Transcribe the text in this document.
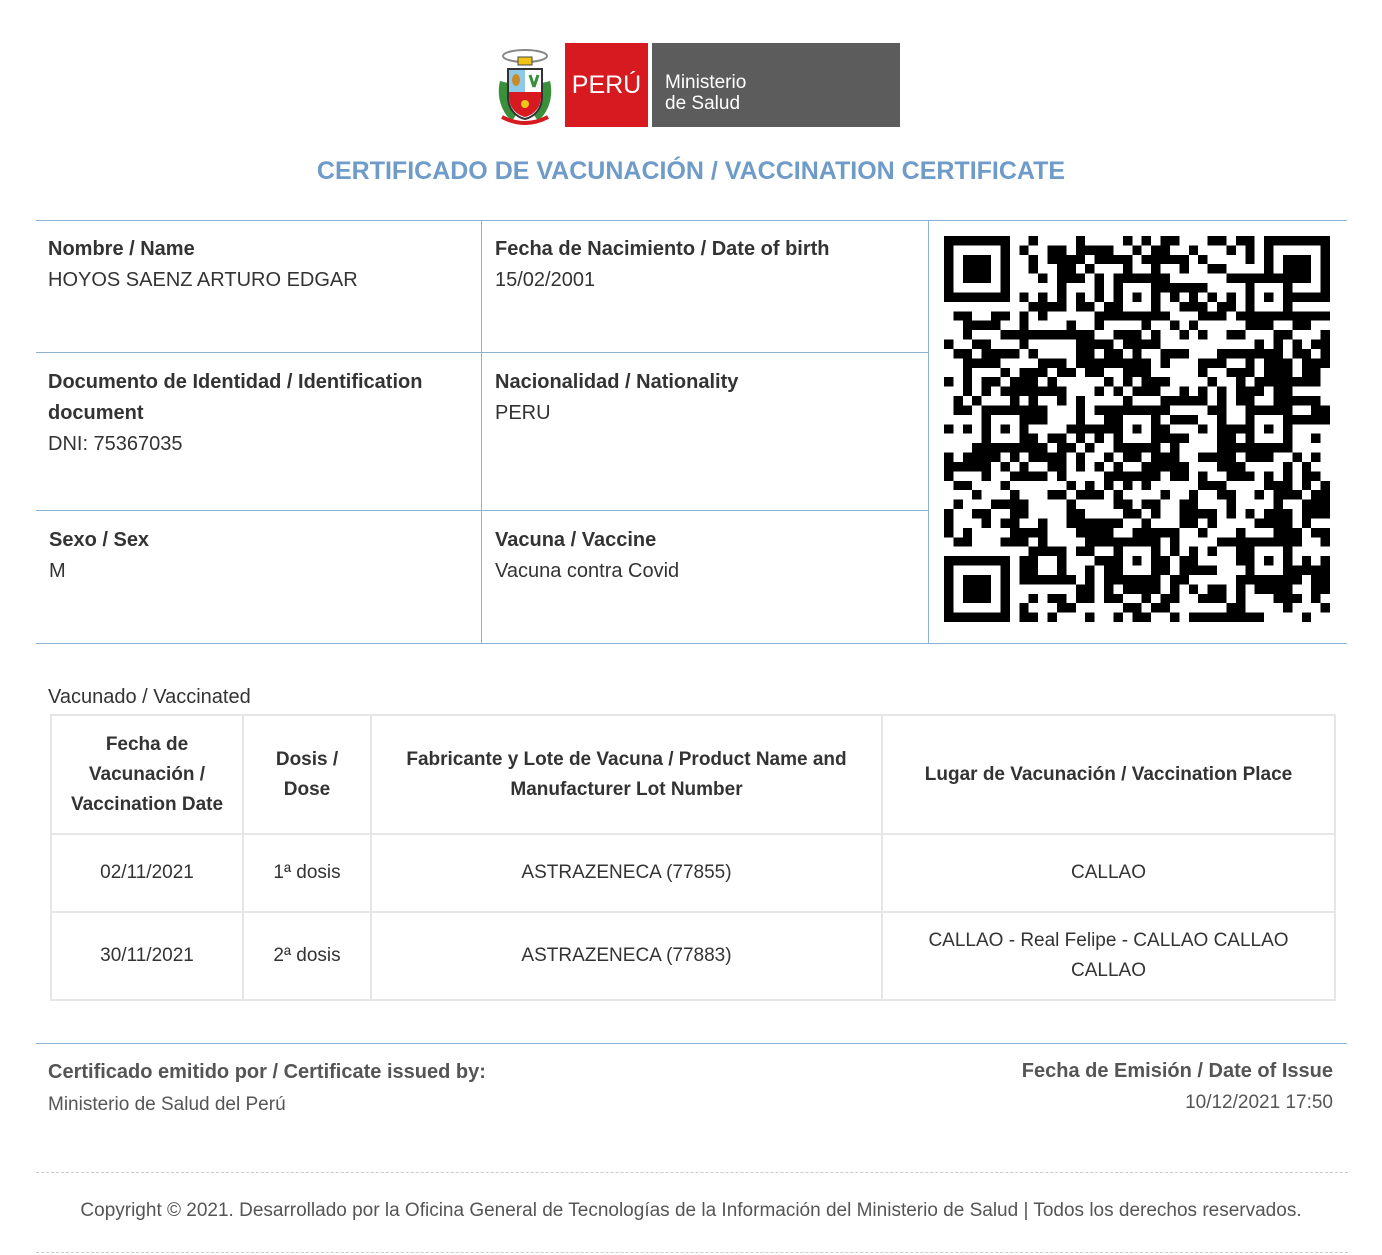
PERÚ	Ministerio
de Salud
CERTIFICADO DE VACUNACIÓN / VACCINATION CERTIFICATE
Nombre / Name
HOYOS SAENZ ARTURO EDGAR
Fecha de Nacimiento / Date of birth
15/02/2001
Documento de Identidad / Identification
document
DNI: 75367035
Nacionalidad / Nationality
PERU
Sexo / Sex
M
Vacuna / Vaccine
Vacuna contra Covid
Vacunado / Vaccinated
Fecha de Vacunación / Vaccination Date	Dosis / Dose	Fabricante y Lote de Vacuna / Product Name and Manufacturer Lot Number	Lugar de Vacunación / Vaccination Place
02/11/2021	1ª dosis	ASTRAZENECA (77855)	CALLAO
30/11/2021	2ª dosis	ASTRAZENECA (77883)	CALLAO - Real Felipe - CALLAO CALLAO CALLAO
Certificado emitido por / Certificate issued by:
Ministerio de Salud del Perú
Fecha de Emisión / Date of Issue
10/12/2021 17:50
Copyright © 2021. Desarrollado por la Oficina General de Tecnologías de la Información del Ministerio de Salud | Todos los derechos reservados.
